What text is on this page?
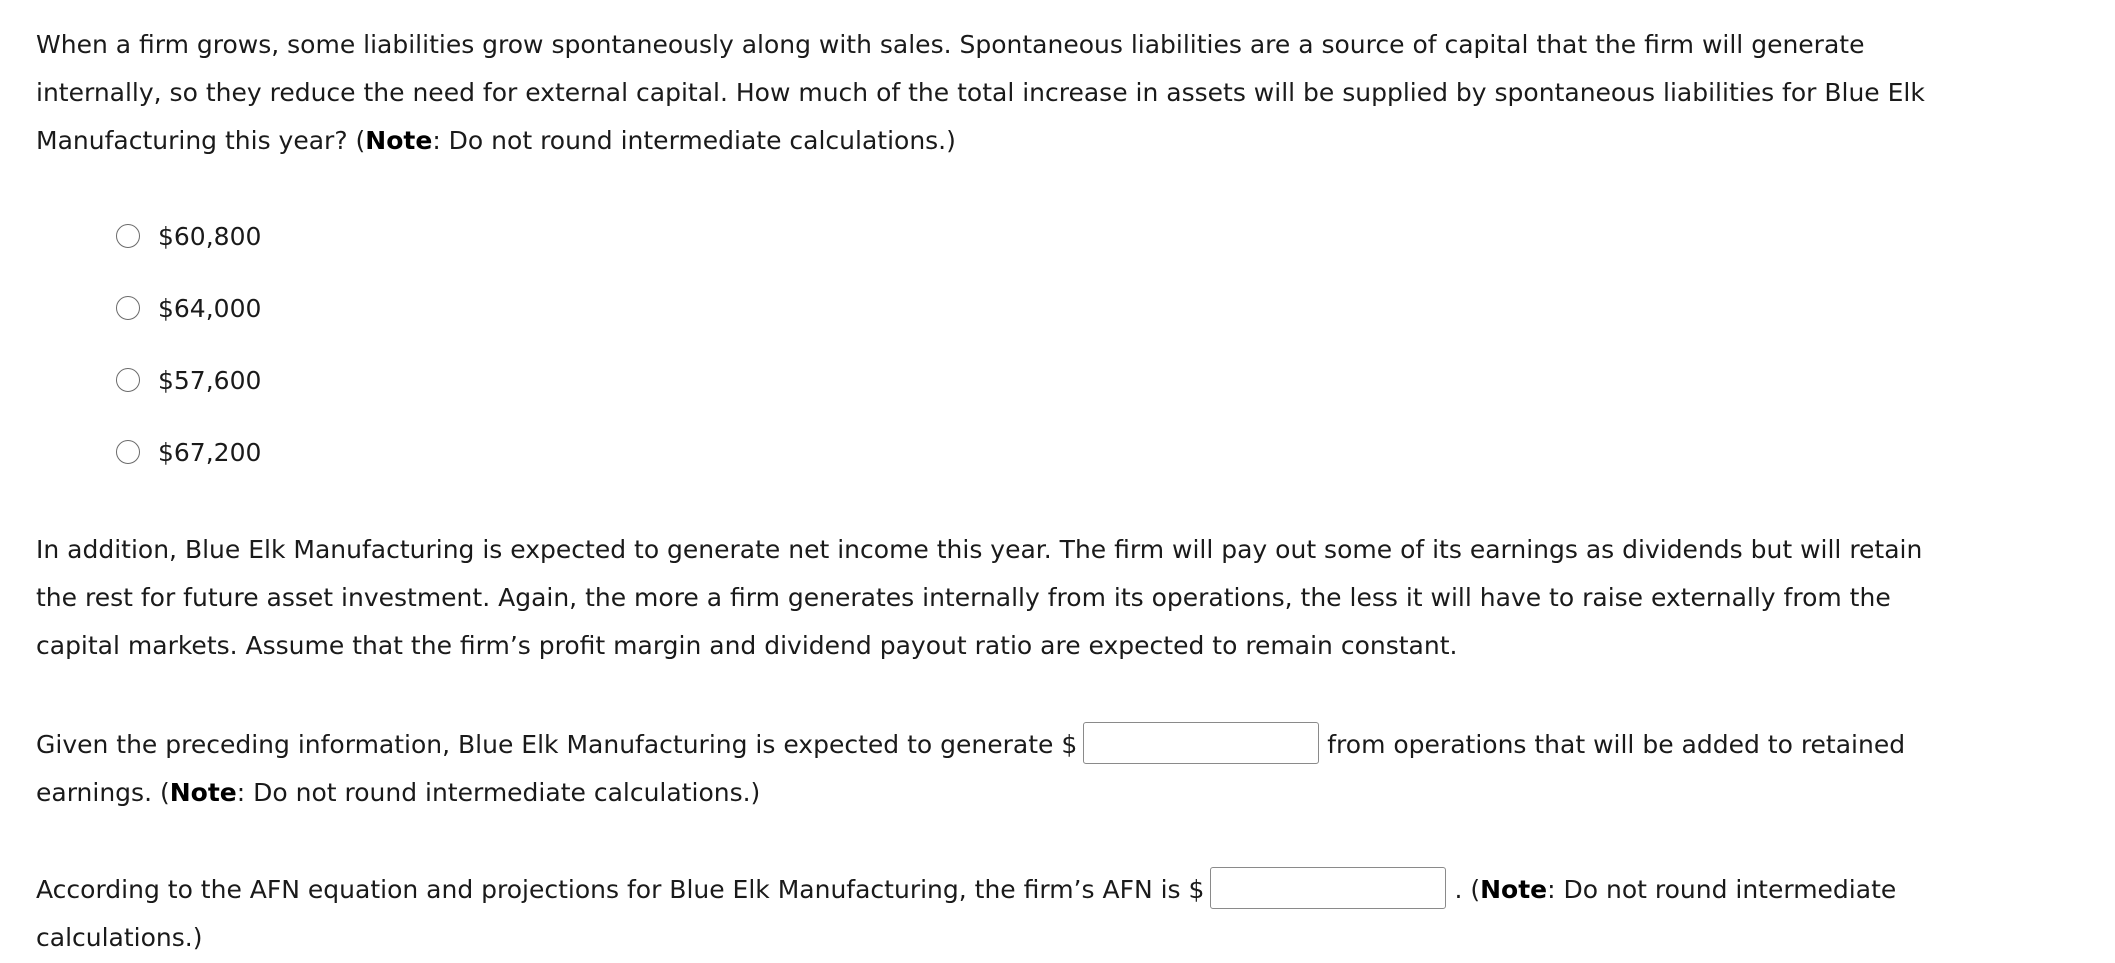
When a firm grows, some liabilities grow spontaneously along with sales. Spontaneous liabilities are a source of capital that the firm will generate internally, so they reduce the need for external capital. How much of the total increase in assets will be supplied by spontaneous liabilities for Blue Elk Manufacturing this year? (Note: Do not round intermediate calculations.)

$60,800
$64,000
$57,600
$67,200

In addition, Blue Elk Manufacturing is expected to generate net income this year. The firm will pay out some of its earnings as dividends but will retain the rest for future asset investment. Again, the more a firm generates internally from its operations, the less it will have to raise externally from the capital markets. Assume that the firm’s profit margin and dividend payout ratio are expected to remain constant.

Given the preceding information, Blue Elk Manufacturing is expected to generate $	from operations that will be added to retained earnings. (Note: Do not round intermediate calculations.)

According to the AFN equation and projections for Blue Elk Manufacturing, the firm’s AFN is $	. (Note: Do not round intermediate calculations.)
